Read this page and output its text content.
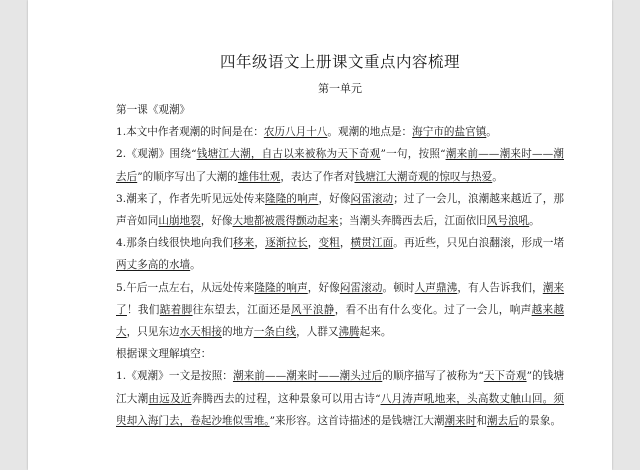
四年级语文上册课文重点内容梳理
第一单元

第一课《观潮》

1.本文中作者观潮的时间是在：农历八月十八。观潮的地点是：海宁市的盐官镇。

2.《观潮》围绕“钱塘江大潮，自古以来被称为天下奇观”一句，按照“潮来前——潮来时——潮去后”的顺序写出了大潮的雄伟壮观，表达了作者对钱塘江大潮奇观的惊叹与热爱。

3.潮来了，作者先听见远处传来隆隆的响声，好像闷雷滚动；过了一会儿，浪潮越来越近了，那声音如同山崩地裂，好像大地都被震得颤动起来；当潮头奔腾西去后，江面依旧风号浪吼。

4.那条白线很快地向我们移来，逐渐拉长，变粗，横贯江面。再近些，只见白浪翻滚，形成一堵两丈多高的水墙。

5.午后一点左右，从远处传来隆隆的响声，好像闷雷滚动。顿时人声鼎沸，有人告诉我们，潮来了！我们踮着脚往东望去，江面还是风平浪静，看不出有什么变化。过了一会儿，响声越来越大，只见东边水天相接的地方一条白线，人群又沸腾起来。

根据课文理解填空：

1.《观潮》一文是按照：潮来前——潮来时——潮头过后的顺序描写了被称为“天下奇观”的钱塘江大潮由远及近奔腾西去的过程，这种景象可以用古诗“八月涛声吼地来，头高数丈触山回。须臾却入海门去，卷起沙堆似雪堆。”来形容。这首诗描述的是钱塘江大潮潮来时和潮去后的景象。
